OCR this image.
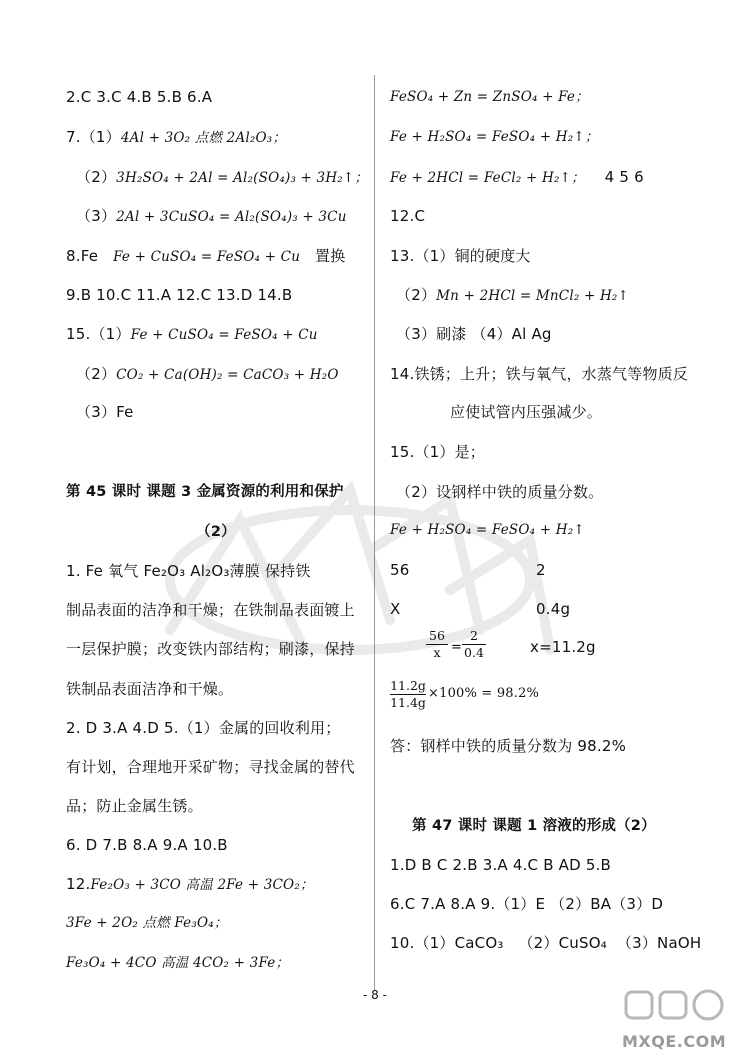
2.C 3.C 4.B 5.B 6.A
7.（1）4Al + 3O₂ 点燃 2Al₂O₃；
（2）3H₂SO₄ + 2Al = Al₂(SO₄)₃ + 3H₂↑；
（3）2Al + 3CuSO₄ = Al₂(SO₄)₃ + 3Cu
8.Fe Fe + CuSO₄ = FeSO₄ + Cu 置换
9.B 10.C 11.A 12.C 13.D 14.B
15.（1）Fe + CuSO₄ = FeSO₄ + Cu
（2）CO₂ + Ca(OH)₂ = CaCO₃ + H₂O
（3）Fe
第 45 课时 课题 3 金属资源的利用和保护
（2）
1. Fe 氧气 Fe₂O₃ Al₂O₃薄膜 保持铁
制品表面的洁净和干燥；在铁制品表面镀上
一层保护膜；改变铁内部结构；刷漆，保持
铁制品表面洁净和干燥。
2. D 3.A 4.D 5.（1）金属的回收利用；
有计划，合理地开采矿物；寻找金属的替代
品；防止金属生锈。
6. D 7.B 8.A 9.A 10.B
12.Fe₂O₃ + 3CO 高温 2Fe + 3CO₂；
3Fe + 2O₂ 点燃 Fe₃O₄；
Fe₃O₄ + 4CO 高温 4CO₂ + 3Fe；
FeSO₄ + Zn = ZnSO₄ + Fe；
Fe + H₂SO₄ = FeSO₄ + H₂↑；
Fe + 2HCl = FeCl₂ + H₂↑； 4 5 6
12.C
13.（1）铜的硬度大
（2）Mn + 2HCl = MnCl₂ + H₂↑
（3）刷漆 （4）Al Ag
14.铁锈；上升；铁与氧气，水蒸气等物质反
应使试管内压强减少。
15.（1）是；
（2）设钢样中铁的质量分数。
Fe + H₂SO₄ = FeSO₄ + H₂↑
56	2
X	0.4g
$\frac{56}{x} = \frac{2}{0.4}$	x=11.2g
$\frac{11.2g}{11.4g} \times 100\% = 98.2\%$
答：钢样中铁的质量分数为 98.2%
第 47 课时 课题 1 溶液的形成（2）
1.D B C 2.B 3.A 4.C B AD 5.B
6.C 7.A 8.A 9.（1）E （2）BA（3）D
10.（1）CaCO₃ （2）CuSO₄ （3）NaOH
- 8 -
MXQE.COM
